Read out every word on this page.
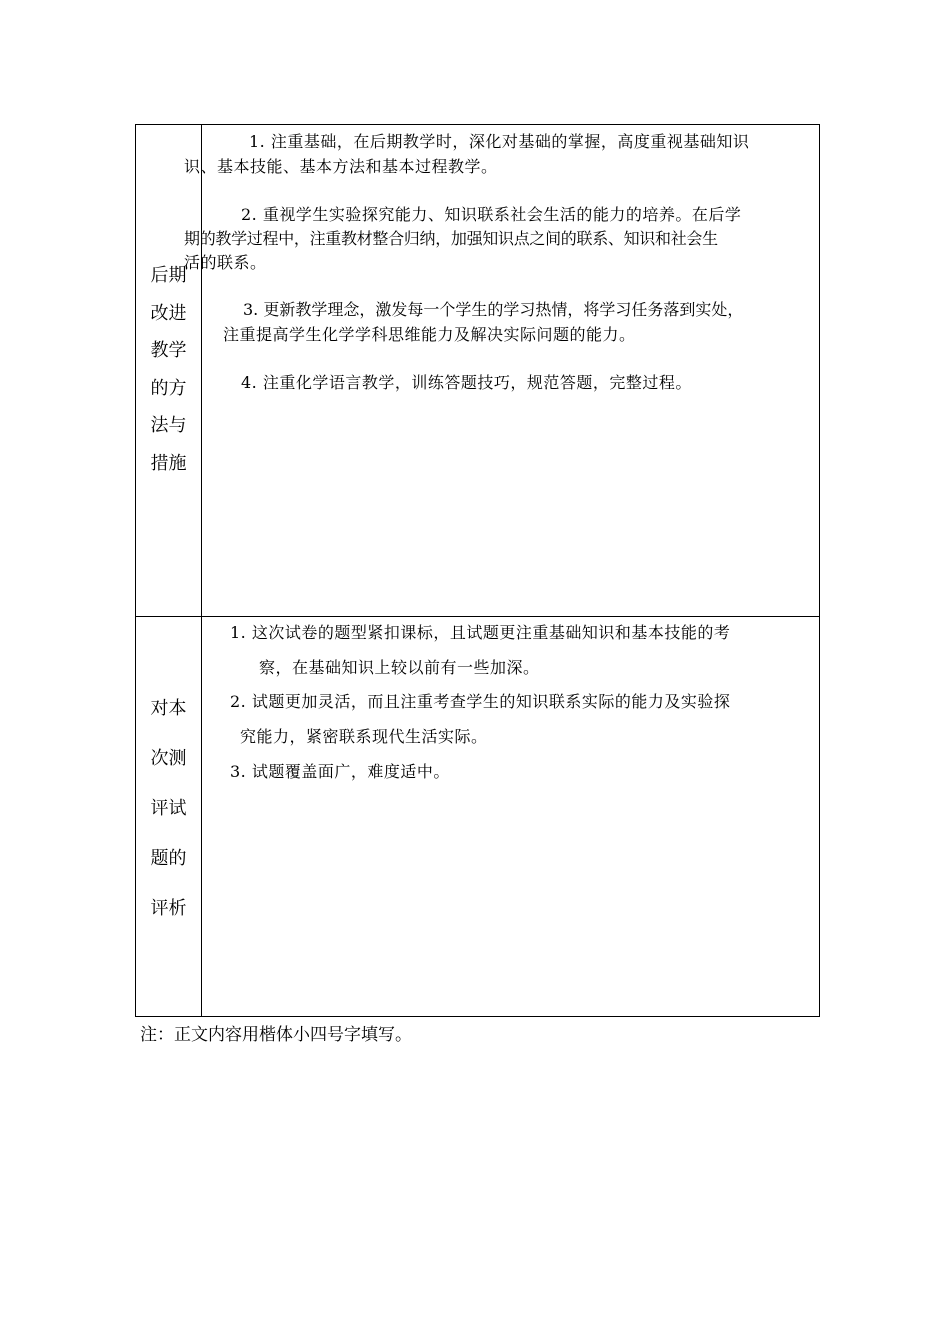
后期
改进
教学
的方
法与
措施
1. 注重基础，在后期教学时，深化对基础的掌握，高度重视基础知识
识、基本技能、基本方法和基本过程教学。
2. 重视学生实验探究能力、知识联系社会生活的能力的培养。在后学
期的教学过程中，注重教材整合归纳，加强知识点之间的联系、知识和社会生
活的联系。
3. 更新教学理念，激发每一个学生的学习热情，将学习任务落到实处，
注重提高学生化学学科思维能力及解决实际问题的能力。
4. 注重化学语言教学，训练答题技巧，规范答题，完整过程。
对本
次测
评试
题的
评析
1. 这次试卷的题型紧扣课标，且试题更注重基础知识和基本技能的考
察，在基础知识上较以前有一些加深。
2. 试题更加灵活，而且注重考查学生的知识联系实际的能力及实验探
究能力，紧密联系现代生活实际。
3. 试题覆盖面广，难度适中。
注：正文内容用楷体小四号字填写。
